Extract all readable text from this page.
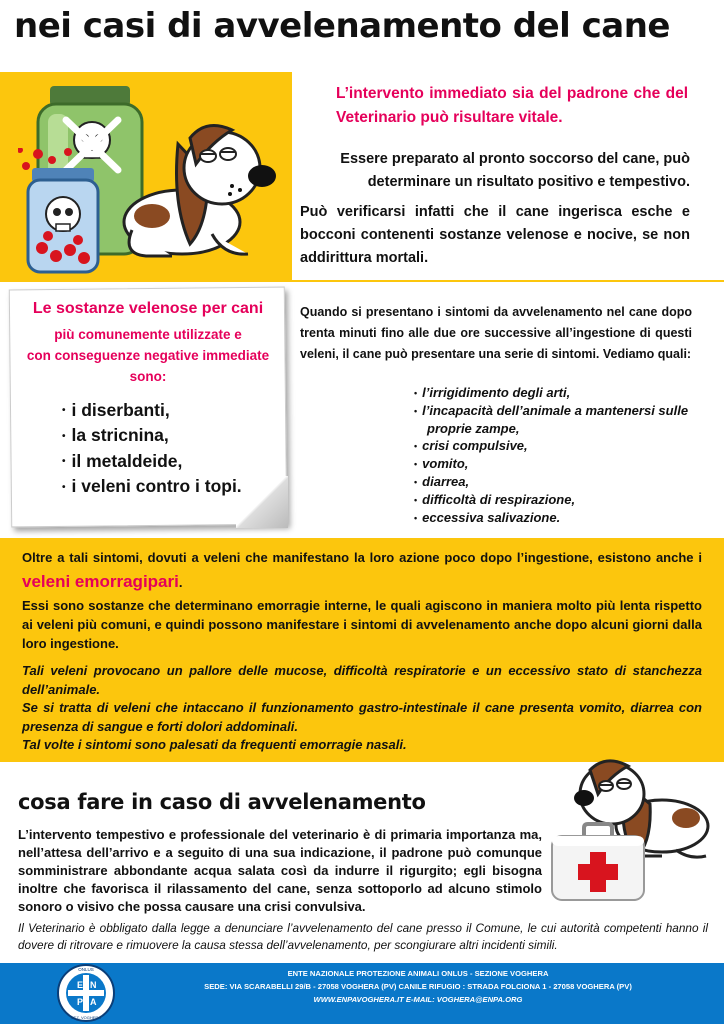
nei casi di avvelenamento del cane
L’intervento immediato sia del padrone che del Veterinario può risultare vitale.
Essere preparato al pronto soccorso del cane, può determinare un risultato positivo e tempestivo.
Può verificarsi infatti che il cane ingerisca esche e bocconi contenenti sostanze velenose e nocive, se non addirittura mortali.
Le sostanze velenose per cani
più comunemente utilizzate e
con conseguenze negative immediate
sono:
• i diserbanti,
• la stricnina,
• il metaldeide,
• i veleni contro i topi.
Quando si presentano i sintomi da avvelenamento nel cane dopo trenta minuti fino alle due ore successive all’ingestione di questi veleni, il cane può presentare una serie di sintomi. Vediamo quali:
• l’irrigidimento degli arti,
• l’incapacità dell’animale a mantenersi sulle proprie zampe,
• crisi compulsive,
• vomito,
• diarrea,
• difficoltà di respirazione,
• eccessiva salivazione.
Oltre a tali sintomi, dovuti a veleni che manifestano la loro azione poco dopo l’ingestione, esistono anche i veleni emorragipari.
Essi sono sostanze che determinano emorragie interne, le quali agiscono in maniera molto più lenta rispetto ai veleni più comuni, e quindi possono manifestare i sintomi di avvelenamento anche dopo alcuni giorni dalla loro ingestione.
Tali veleni provocano un pallore delle mucose, difficoltà respiratorie e un eccessivo stato di stanchezza dell’animale.
Se si tratta di veleni che intaccano il funzionamento gastro-intestinale il cane presenta vomito, diarrea con presenza di sangue e forti dolori addominali.
Tal volte i sintomi sono palesati da frequenti emorragie nasali.
cosa fare in caso di avvelenamento
L’intervento tempestivo e professionale del veterinario è di primaria importanza ma, nell’attesa dell’arrivo e a seguito di una sua indicazione, il padrone può comunque somministrare abbondante acqua salata così da indurre il rigurgito; egli bisogna inoltre che favorisca il rilassamento del cane, senza sottoporlo ad alcuno stimolo sonoro o visivo che possa causare una crisi convulsiva.
Il Veterinario è obbligato dalla legge a denunciare l’avvelenamento del cane presso il Comune, le cui autorità competenti hanno il dovere di ritrovare e rimuovere la causa stessa dell’avvelenamento, per scongiurare altri incidenti simili.
E N
P A
ONLUS
SEZ. VOGHERA
ENTE NAZIONALE PROTEZIONE ANIMALI ONLUS - SEZIONE VOGHERA
SEDE: VIA SCARABELLI 29/B - 27058 VOGHERA (PV) CANILE RIFUGIO : STRADA FOLCIONA 1 - 27058 VOGHERA (PV)
WWW.ENPAVOGHERA.IT E-MAIL: VOGHERA@ENPA.ORG
